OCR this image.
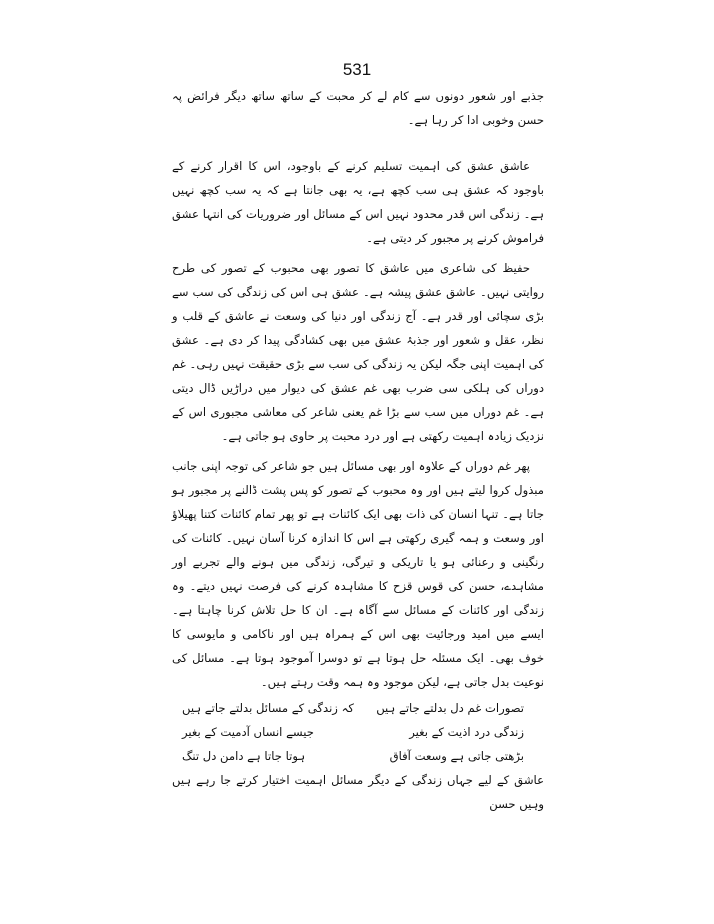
531

جذبے اور شعور دونوں سے کام لے کر محبت کے ساتھ ساتھ دیگر فرائض پہ حسن وخوبی ادا کر رہا ہے۔

عاشق عشق کی اہمیت تسلیم کرنے کے باوجود، اس کا اقرار کرنے کے باوجود کہ عشق ہی سب کچھ ہے، یہ بھی جانتا ہے کہ یہ سب کچھ نہیں ہے۔ زندگی اس قدر محدود نہیں اس کے مسائل اور ضروریات کی انتہا عشق فراموش کرنے پر مجبور کر دیتی ہے۔

حفیظ کی شاعری میں عاشق کا تصور بھی محبوب کے تصور کی طرح روایتی نہیں۔ عاشق عشق پیشہ ہے۔ عشق ہی اس کی زندگی کی سب سے بڑی سچائی اور قدر ہے۔ آج زندگی اور دنیا کی وسعت نے عاشق کے قلب و نظر، عقل و شعور اور جذبۂ عشق میں بھی کشادگی پیدا کر دی ہے۔ عشق کی اہمیت اپنی جگہ لیکن یہ زندگی کی سب سے بڑی حقیقت نہیں رہی۔ غم دوراں کی ہلکی سی ضرب بھی غم عشق کی دیوار میں دراڑیں ڈال دیتی ہے۔ غم دوراں میں سب سے بڑا غم یعنی شاعر کی معاشی مجبوری اس کے نزدیک زیادہ اہمیت رکھتی ہے اور درد محبت پر حاوی ہو جاتی ہے۔

پھر غم دوراں کے علاوہ اور بھی مسائل ہیں جو شاعر کی توجہ اپنی جانب مبذول کروا لیتے ہیں اور وہ محبوب کے تصور کو پس پشت ڈالنے پر مجبور ہو جاتا ہے۔ تنہا انسان کی ذات بھی ایک کائنات ہے تو پھر تمام کائنات کتنا پھیلاؤ اور وسعت و ہمہ گیری رکھتی ہے اس کا اندازہ کرنا آسان نہیں۔ کائنات کی رنگینی و رعنائی ہو یا تاریکی و تیرگی، زندگی میں ہونے والے تجربے اور مشاہدے، حسن کی قوس قزح کا مشاہدہ کرنے کی فرصت نہیں دیتے۔ وہ زندگی اور کائنات کے مسائل سے آگاہ ہے۔ ان کا حل تلاش کرنا چاہتا ہے۔ ایسے میں امید ورجائیت بھی اس کے ہمراہ ہیں اور ناکامی و مایوسی کا خوف بھی۔ ایک مسئلہ حل ہوتا ہے تو دوسرا آموجود ہوتا ہے۔ مسائل کی نوعیت بدل جاتی ہے، لیکن موجود وہ ہمہ وقت رہتے ہیں۔

تصورات غم دل بدلتے جاتے ہیں
کہ زندگی کے مسائل بدلتے جاتے ہیں
زندگی درد اذیت کے بغیر
جیسے انساں آدمیت کے بغیر
بڑھتی جاتی ہے وسعت آفاق
ہوتا جاتا ہے دامن دل تنگ

عاشق کے لیے جہاں زندگی کے دیگر مسائل اہمیت اختیار کرتے جا رہے ہیں وہیں حسن
